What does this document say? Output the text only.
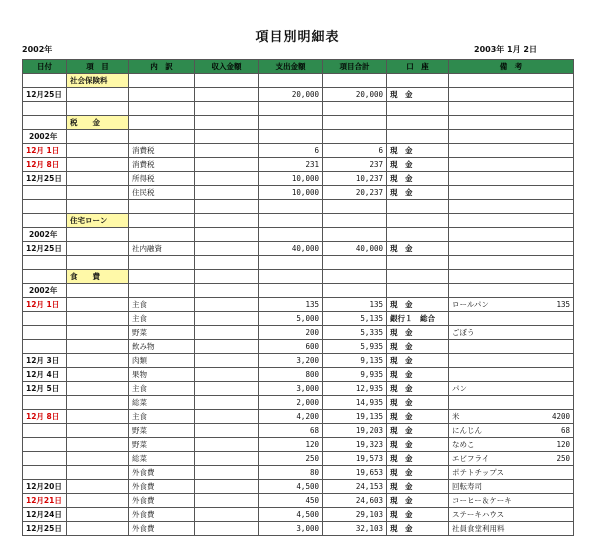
項目別明細表
2002年	2003年 1月 2日
日付	項　目	内　訳	収入金額	支出金額	項目合計	口　座	備　考
	社会保険料						
12月25日				20,000	20,000	現　金	

	税　　金						
2002年							
12月 1日		消費税		6	6	現　金	

12月 8日		消費税		231	237	現　金	

12月25日		所得税		10,000	10,237	現　金	

		住民税		10,000	20,237	現　金	

	住宅ローン						
2002年							
12月25日		社内融資		40,000	40,000	現　金	

	食　　費						
2002年							
12月 1日		主食		135	135	現　金	ロールパン 135

		主食		5,000	5,135	銀行１　総合	

		野菜		200	5,335	現　金	ごぼう

		飲み物		600	5,935	現　金	

12月 3日		肉類		3,200	9,135	現　金	

12月 4日		果物		800	9,935	現　金	

12月 5日		主食		3,000	12,935	現　金	パン

		総菜		2,000	14,935	現　金	

12月 8日		主食		4,200	19,135	現　金	米 4200

		野菜		68	19,203	現　金	にんじん 68

		野菜		120	19,323	現　金	なめこ 120

		総菜		250	19,573	現　金	エビフライ 250

		外食費		80	19,653	現　金	ポテトチップス

12月20日		外食費		4,500	24,153	現　金	回転寿司

12月21日		外食費		450	24,603	現　金	コーヒー＆ケーキ

12月24日		外食費		4,500	29,103	現　金	ステーキハウス

12月25日		外食費		3,000	32,103	現　金	社員食堂利用料
